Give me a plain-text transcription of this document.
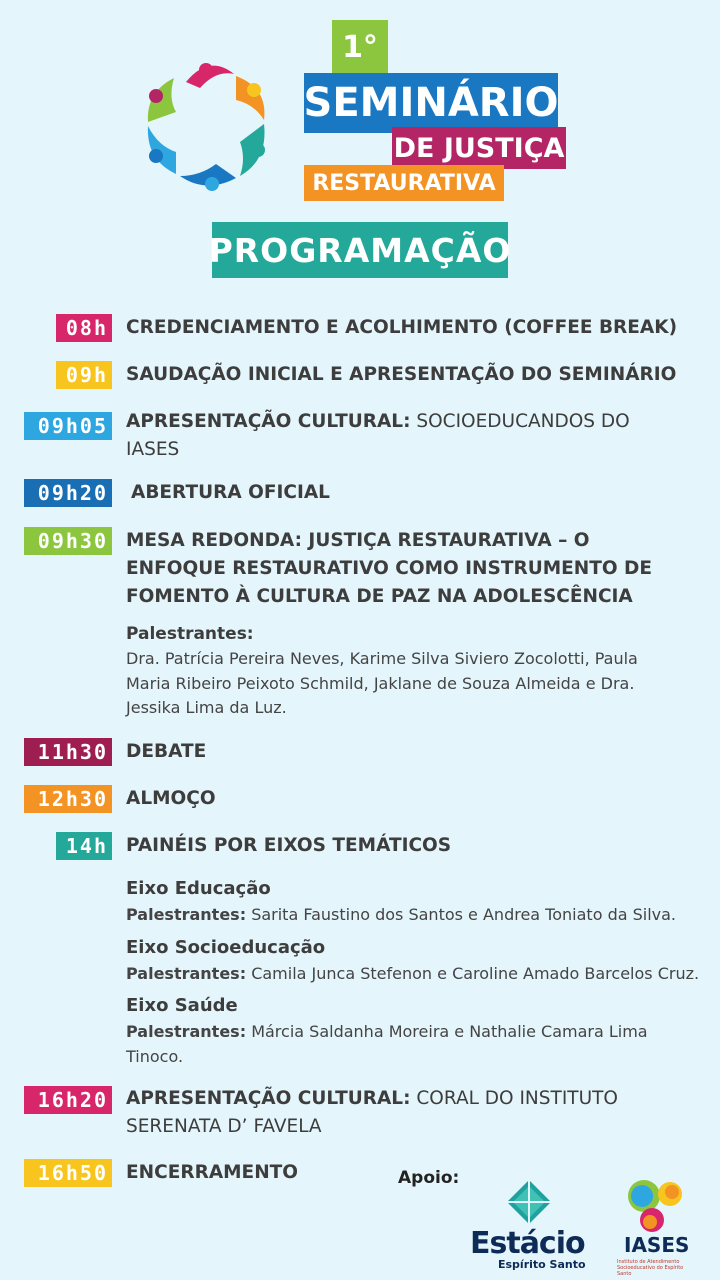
1°
SEMINÁRIO
DE JUSTIÇA
RESTAURATIVA
PROGRAMAÇÃO
08h CREDENCIAMENTO E ACOLHIMENTO (COFFEE BREAK)
09h SAUDAÇÃO INICIAL E APRESENTAÇÃO DO SEMINÁRIO
09h05 APRESENTAÇÃO CULTURAL: SOCIOEDUCANDOS DO IASES
09h20 ABERTURA OFICIAL
09h30 MESA REDONDA: JUSTIÇA RESTAURATIVA – O ENFOQUE RESTAURATIVO COMO INSTRUMENTO DE FOMENTO À CULTURA DE PAZ NA ADOLESCÊNCIA
Palestrantes:
Dra. Patrícia Pereira Neves, Karime Silva Siviero Zocolotti, Paula Maria Ribeiro Peixoto Schmild, Jaklane de Souza Almeida e Dra. Jessika Lima da Luz.
11h30 DEBATE
12h30 ALMOÇO
14h PAINÉIS POR EIXOS TEMÁTICOS
Eixo Educação
Palestrantes: Sarita Faustino dos Santos e Andrea Toniato da Silva.
Eixo Socioeducação
Palestrantes: Camila Junca Stefenon e Caroline Amado Barcelos Cruz.
Eixo Saúde
Palestrantes: Márcia Saldanha Moreira e Nathalie Camara Lima Tinoco.
16h20 APRESENTAÇÃO CULTURAL: CORAL DO INSTITUTO SERENATA D’ FAVELA
16h50 ENCERRAMENTO	Apoio:
Estácio
Espírito Santo
IASES
Instituto de Atendimento Socioeducativo do Espírito Santo
